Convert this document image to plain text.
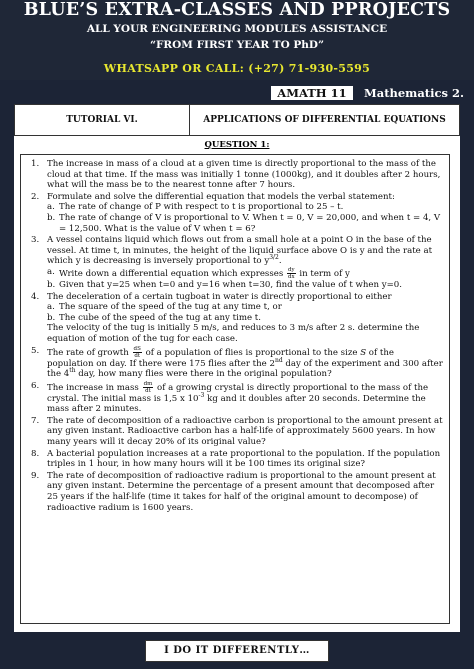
BLUE’S EXTRA-CLASSES AND PPROJECTS
ALL YOUR ENGINEERING MODULES ASSISTANCE
“FROM FIRST YEAR TO PhD”
WHATSAPP OR CALL: (+27) 71-930-5595
AMATH 11	Mathematics 2.
TUTORIAL VI.	APPLICATIONS OF DIFFERENTIAL EQUATIONS
QUESTION 1:
1. The increase in mass of a cloud at a given time is directly proportional to the mass of the cloud at that time. If the mass was initially 1 tonne (1000kg), and it doubles after 2 hours, what will the mass be to the nearest tonne after 7 hours.
2. Formulate and solve the differential equation that models the verbal statement:
a. The rate of change of P with respect to t is proportional to 25 – t.
b. The rate of change of V is proportional to V. When t = 0, V = 20,000, and when t = 4, V = 12,500. What is the value of V when t = 6?
3. A vessel contains liquid which flows out from a small hole at a point O in the base of the vessel. At time t, in minutes, the height of the liquid surface above O is y and the rate at which y is decreasing is inversely proportional to $y^{3/2}$.
a. Write down a differential equation which expresses $\frac{dy}{dx}$ in term of y
b. Given that y=25 when t=0 and y=16 when t=30, find the value of t when y=0.
4. The deceleration of a certain tugboat in water is directly proportional to either
a. The square of the speed of the tug at any time t, or
b. The cube of the speed of the tug at any time t.
The velocity of the tug is initially 5 m/s, and reduces to 3 m/s after 2 s. determine the equation of motion of the tug for each case.
5. The rate of growth $\frac{dS}{dt}$ of a population of flies is proportional to the size S of the population on day. If there were 175 flies after the 2nd day of the experiment and 300 after the 4th day, how many flies were there in the original population?
6. The increase in mass $\frac{dm}{dt}$ of a growing crystal is directly proportional to the mass of the crystal. The initial mass is 1,5 x $10^{-3}$ kg and it doubles after 20 seconds. Determine the mass after 2 minutes.
7. The rate of decomposition of a radioactive carbon is proportional to the amount present at any given instant. Radioactive carbon has a half-life of approximately 5600 years. In how many years will it decay 20% of its original value?
8. A bacterial population increases at a rate proportional to the population. If the population triples in 1 hour, in how many hours will it be 100 times its original size?
9. The rate of decomposition of radioactive radium is proportional to the amount present at any given instant. Determine the percentage of a present amount that decomposed after 25 years if the half-life (time it takes for half of the original amount to decompose) of radioactive radium is 1600 years.
I DO IT DIFFERENTLY…
